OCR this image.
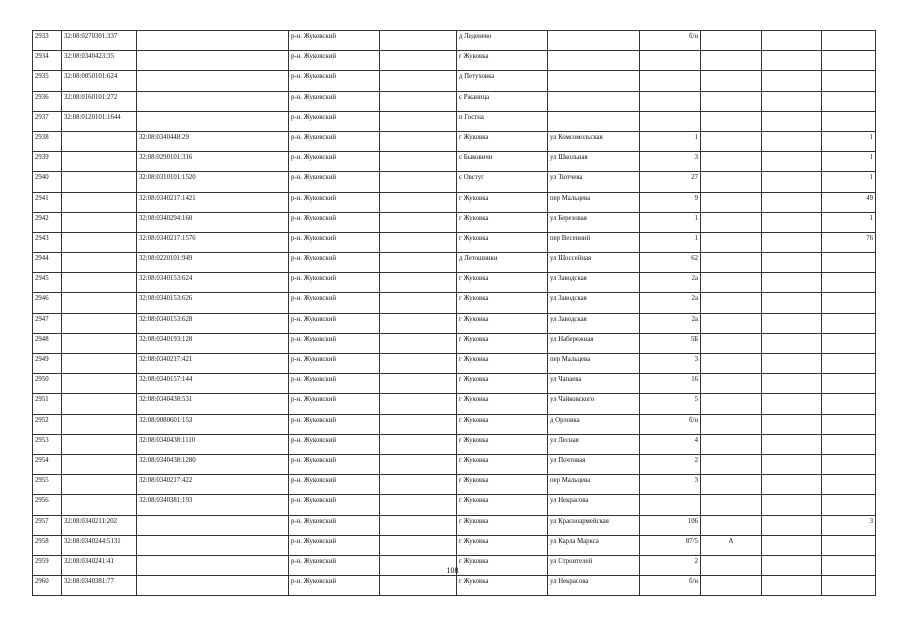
2933	32:08:0270301:337		р-н. Жуковский		д Леденево		б/н			
2934	32:08:0340423:35		р-н. Жуковский		г Жуковка					
2935	32:08:0050101:624		р-н. Жуковский		д Петуховка					
2936	32:08:0160101:272		р-н. Жуковский		с Ржаница					
2937	32:08:0120101:1644		р-н. Жуковский		п Гостна					
2938		32:08:0340448:29	р-н. Жуковский		г Жуковка	ул Комсомольская	1			1
2939		32:08:0290101:316	р-н. Жуковский		с Быковичи	ул Школьная	3			1
2940		32:08:0310101:1520	р-н. Жуковский		с Овстуг	ул Тютчева	27			1
2941		32:08:0340217:1421	р-н. Жуковский		г Жуковка	пер Мальцева	9			49
2942		32:08:0340294:160	р-н. Жуковский		г Жуковка	ул Березовая	1			1
2943		32:08:0340217:1576	р-н. Жуковский		г Жуковка	пер Весенний	1			76
2944		32:08:0220101:949	р-н. Жуковский		д Летошники	ул Шоссейная	62			
2945		32:08:0340153:624	р-н. Жуковский		г Жуковка	ул Заводская	2а			
2946		32:08:0340153:626	р-н. Жуковский		г Жуковка	ул Заводская	2а			
2947		32:08:0340153:628	р-н. Жуковский		г Жуковка	ул Заводская	2а			
2948		32:08:0340193:128	р-н. Жуковский		г Жуковка	ул Набережная	5Б			
2949		32:08:0340217:421	р-н. Жуковский		г Жуковка	пер Мальцева	3			
2950		32:08:0340157:144	р-н. Жуковский		г Жуковка	ул Чапаева	16			
2951		32:08:0340438:531	р-н. Жуковский		г Жуковка	ул Чайковского	5			
2952		32:08:0080601:153	р-н. Жуковский		г Жуковка	д Орловка	б/н			
2953		32:08:0340438:1110	р-н. Жуковский		г Жуковка	ул Лесная	4			
2954		32:08:0340438:1280	р-н. Жуковский		г Жуковка	ул Почтовая	2			
2955		32:08:0340217:422	р-н. Жуковский		г Жуковка	пер Мальцева	3			
2956		32:08:0340381:193	р-н. Жуковский		г Жуковка	ул Некрасова				
2957	32:08:0340211:202		р-н. Жуковский		г Жуковка	ул Красноармейская	106			3
2958	32:08:0340244:5131		р-н. Жуковский		г Жуковка	ул Карла Маркса	87/5	А		
2959	32:08:0340241:41		р-н. Жуковский		г Жуковка	ул Строителей	2			
2960	32:08:0340381:77		р-н. Жуковский		г Жуковка	ул Некрасова	б/н			
108
